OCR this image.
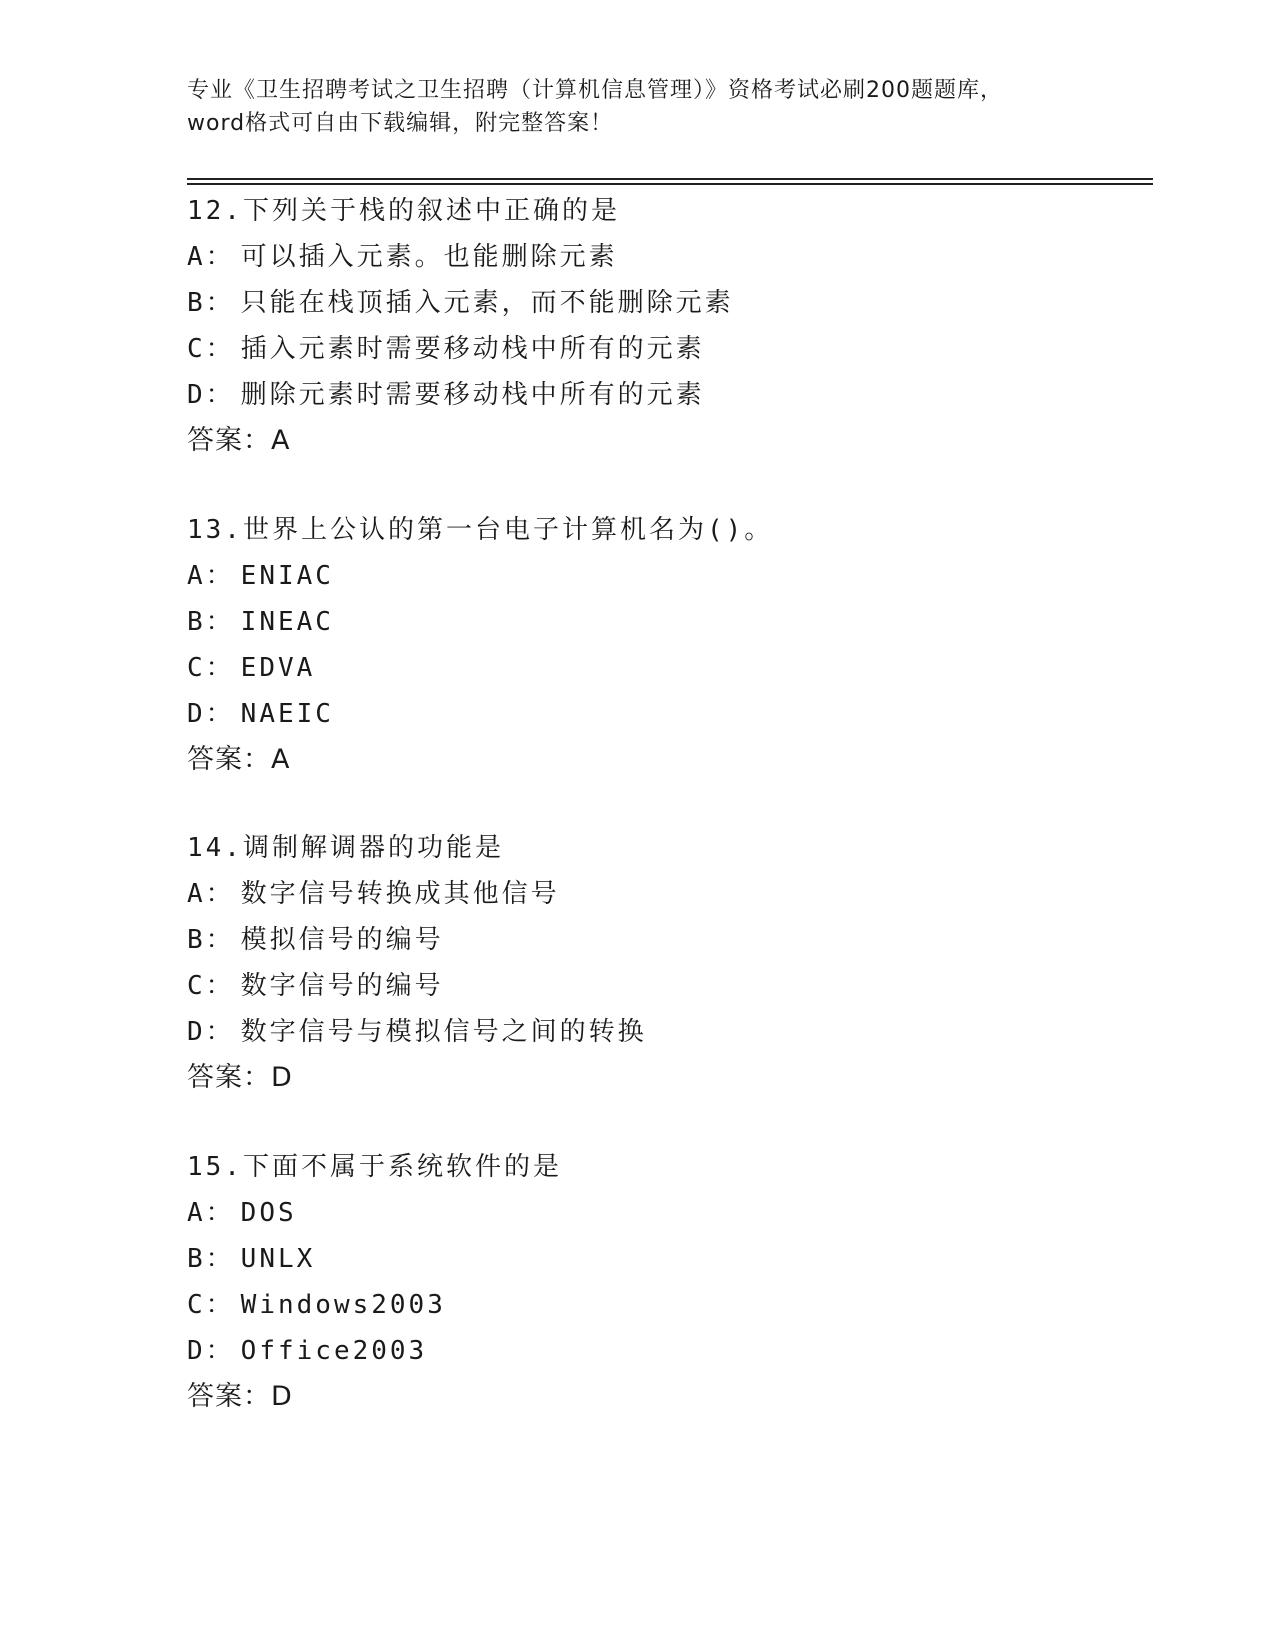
专业《卫生招聘考试之卫生招聘（计算机信息管理）》资格考试必刷200题题库，
word格式可自由下载编辑，附完整答案！
12.下列关于栈的叙述中正确的是
A： 可以插入元素。也能删除元素
B： 只能在栈顶插入元素，而不能删除元素
C： 插入元素时需要移动栈中所有的元素
D： 删除元素时需要移动栈中所有的元素
答案：A
13.世界上公认的第一台电子计算机名为()。
A： ENIAC
B： INEAC
C： EDVA
D： NAEIC
答案：A
14.调制解调器的功能是
A： 数字信号转换成其他信号
B： 模拟信号的编号
C： 数字信号的编号
D： 数字信号与模拟信号之间的转换
答案：D
15.下面不属于系统软件的是
A： DOS
B： UNLX
C： Windows2003
D： Office2003
答案：D
